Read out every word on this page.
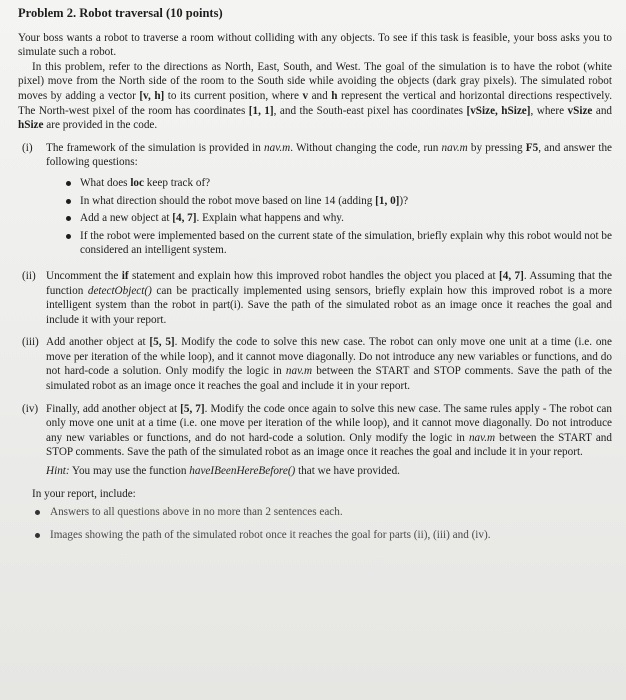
Problem 2. Robot traversal (10 points)

Your boss wants a robot to traverse a room without colliding with any objects. To see if this task is feasible, your boss asks you to simulate such a robot.

In this problem, refer to the directions as North, East, South, and West. The goal of the simulation is to have the robot (white pixel) move from the North side of the room to the South side while avoiding the objects (dark gray pixels). The simulated robot moves by adding a vector [v, h] to its current position, where v and h represent the vertical and horizontal directions respectively. The North-west pixel of the room has coordinates [1, 1], and the South-east pixel has coordinates [vSize, hSize], where vSize and hSize are provided in the code.

(i)	The framework of the simulation is provided in nav.m. Without changing the code, run nav.m by pressing F5, and answer the following questions:
What does loc keep track of?
In what direction should the robot move based on line 14 (adding [1, 0])?
Add a new object at [4, 7]. Explain what happens and why.
If the robot were implemented based on the current state of the simulation, briefly explain why this robot would not be considered an intelligent system.
(ii) Uncomment the if statement and explain how this improved robot handles the object you placed at [4, 7]. Assuming that the function detectObject() can be practically implemented using sensors, briefly explain how this improved robot is a more intelligent system than the robot in part(i). Save the path of the simulated robot as an image once it reaches the goal and include it with your report.
(iii) Add another object at [5, 5]. Modify the code to solve this new case. The robot can only move one unit at a time (i.e. one move per iteration of the while loop), and it cannot move diagonally. Do not introduce any new variables or functions, and do not hard-code a solution. Only modify the logic in nav.m between the START and STOP comments. Save the path of the simulated robot as an image once it reaches the goal and include it in your report.
(iv) Finally, add another object at [5, 7]. Modify the code once again to solve this new case. The same rules apply - The robot can only move one unit at a time (i.e. one move per iteration of the while loop), and it cannot move diagonally. Do not introduce any new variables or functions, and do not hard-code a solution. Only modify the logic in nav.m between the START and STOP comments. Save the path of the simulated robot as an image once it reaches the goal and include it in your report.
Hint: You may use the function haveIBeenHereBefore() that we have provided.
In your report, include:
Answers to all questions above in no more than 2 sentences each.
Images showing the path of the simulated robot once it reaches the goal for parts (ii), (iii) and (iv).
